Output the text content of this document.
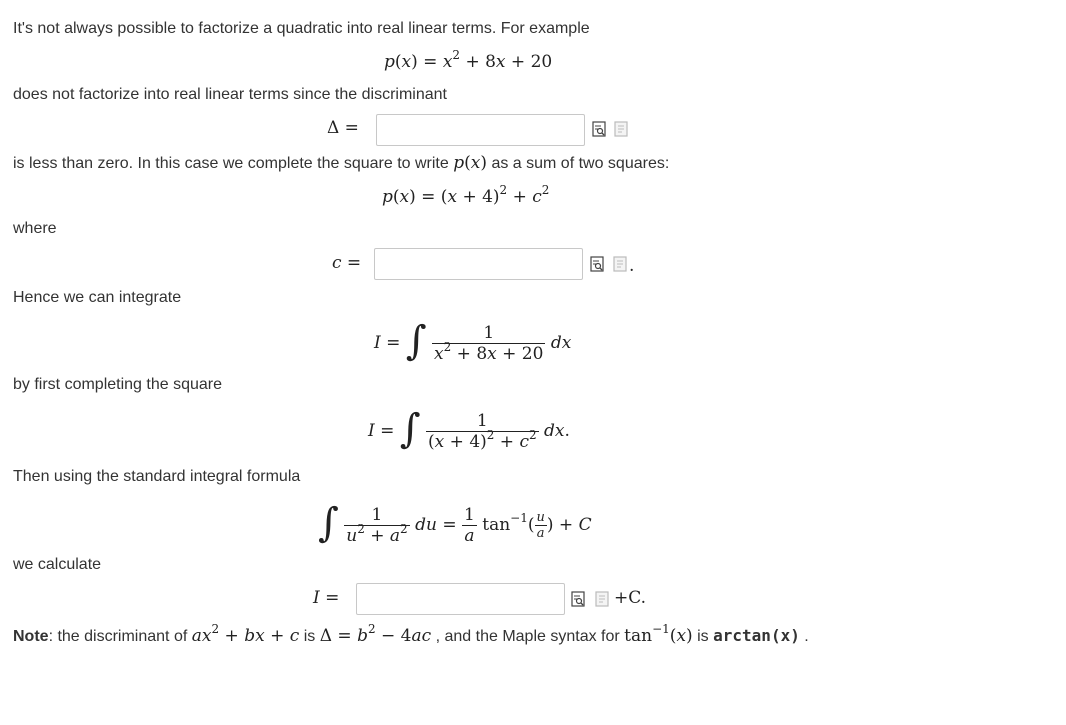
It's not always possible to factorize a quadratic into real linear terms. For example

$p(x) = x^2 + 8x + 20$

does not factorize into real linear terms since the discriminant

Δ =
is less than zero. In this case we complete the square to write p(x) as a sum of two squares:
$p(x) = (x + 4)^2 + c^2$

where

c =	.

Hence we can integrate

I = ∫ $\frac{1}{x^2 + 8x + 20}$ dx

by first completing the square

I = ∫ $\frac{1}{(x + 4)^2 + c^2}$ dx.

Then using the standard integral formula

∫ $\frac{1}{u^2 + a^2}$ du = $\frac{1}{a} \tan^{-1}( \frac{u}{a}$ ) + C

we calculate

I =	+C.
Note: the discriminant of $ax^2$ + bx + c is $\Delta = b^2 - 4ac$ , and the Maple syntax for $\tan^{-1}(x)$ is arctan(x) .
